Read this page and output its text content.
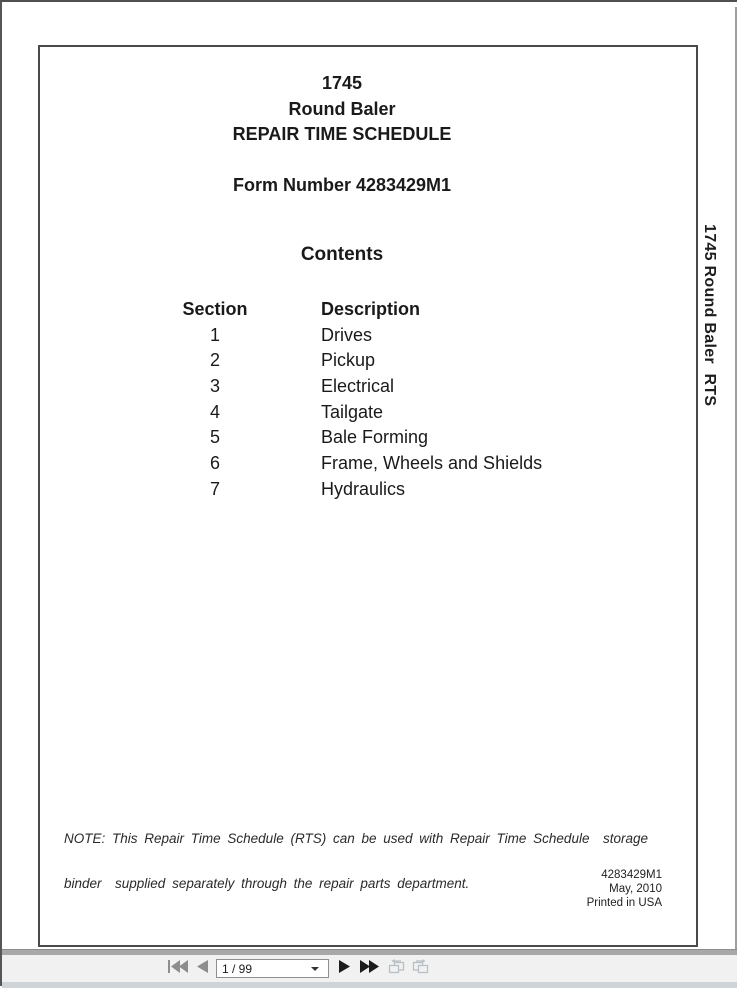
1745
Round Baler
REPAIR TIME SCHEDULE
Form Number 4283429M1
Contents
Section	Description
1	Drives
2	Pickup
3	Electrical
4	Tailgate
5	Bale Forming
6	Frame, Wheels and Shields
7	Hydraulics

NOTE: This Repair Time Schedule (RTS) can be used with Repair Time Schedule  storage

binder  supplied separately through the repair parts department.

4283429M1
May, 2010
Printed in USA
1745 Round Baler  RTS
1 / 99
